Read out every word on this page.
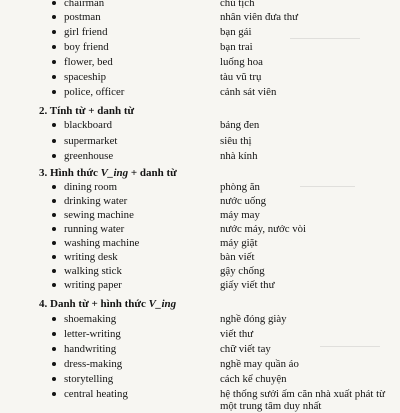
chairman	chủ tịch
postman	nhân viên đưa thư
girl friend	bạn gái
boy friend	bạn trai
flower, bed	luống hoa
spaceship	tàu vũ trụ
police, officer	cảnh sát viên
2. Tính từ + danh từ
blackboard	bảng đen
supermarket	siêu thị
greenhouse	nhà kính
3. Hình thức V_ing + danh từ
dining room	phòng ăn
drinking water	nước uống
sewing machine	máy may
running water	nước máy, nước vòi
washing machine	máy giặt
writing desk	bàn viết
walking stick	gậy chống
writing paper	giấy viết thư
4. Danh từ + hình thức V_ing
shoemaking	nghề đóng giày
letter-writing	viết thư
handwriting	chữ viết tay
dress-making	nghề may quần áo
storytelling	cách kể chuyện
central heating	hệ thống sưởi ấm căn nhà xuất phát từ
một trung tâm duy nhất
